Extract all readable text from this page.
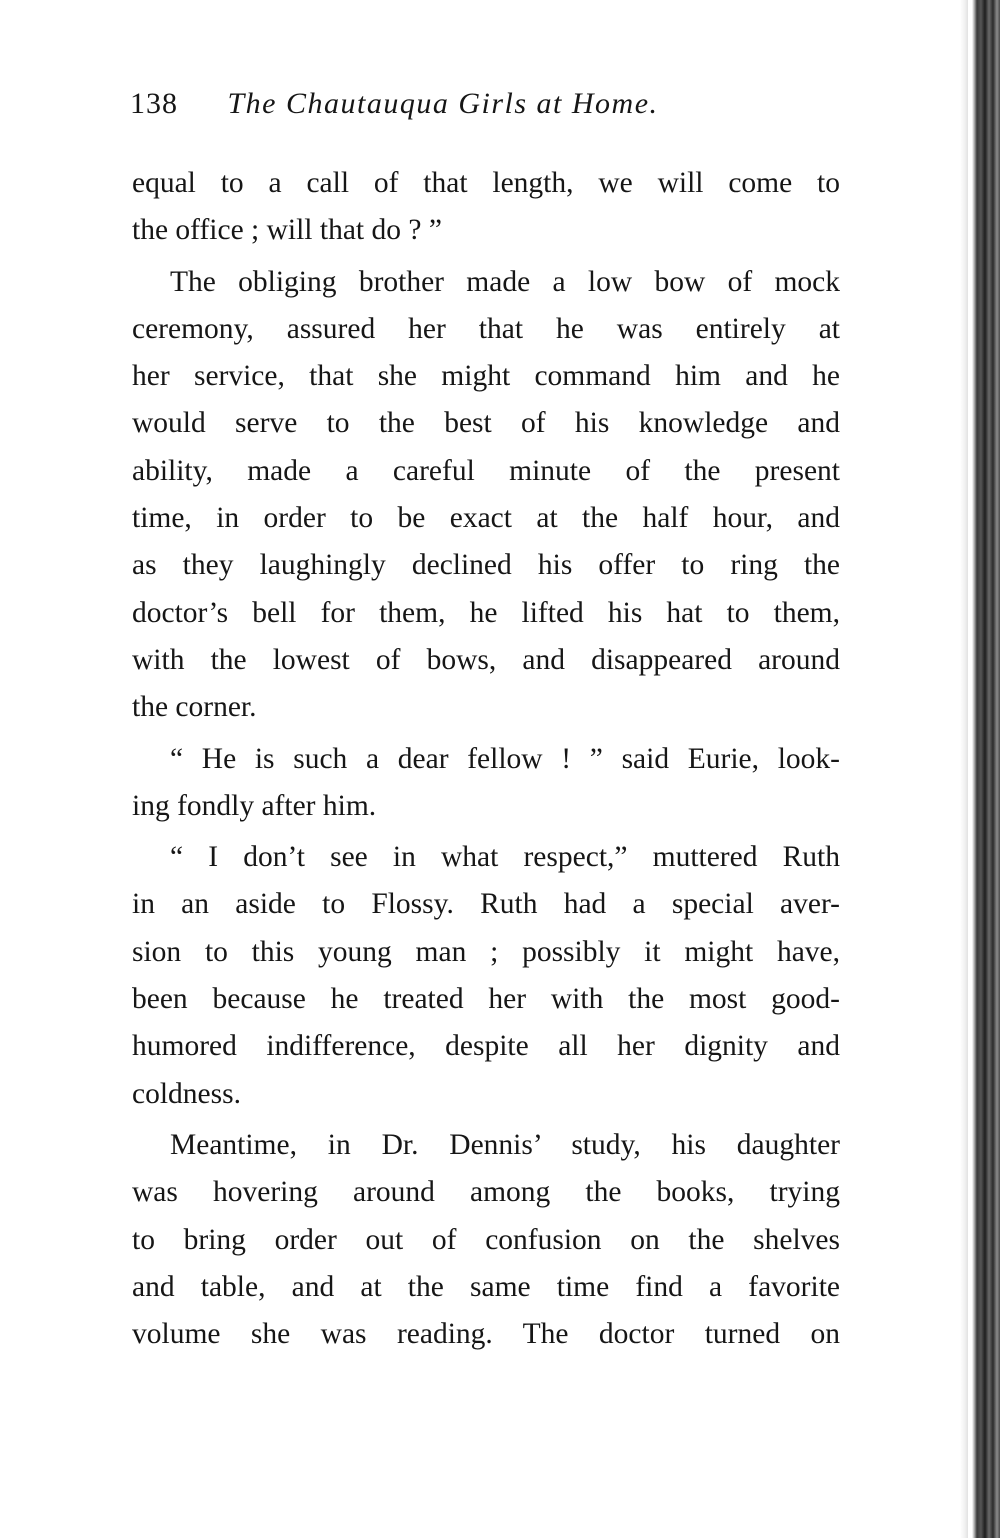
138 The Chautauqua Girls at Home.
equal to a call of that length, we will come to
the office ; will that do ? ”
The obliging brother made a low bow of mock
ceremony, assured her that he was entirely at
her service, that she might command him and he
would serve to the best of his knowledge and
ability, made a careful minute of the present
time, in order to be exact at the half hour, and
as they laughingly declined his offer to ring the
doctor’s bell for them, he lifted his hat to them,
with the lowest of bows, and disappeared around
the corner.
“ He is such a dear fellow ! ” said Eurie, look-
ing fondly after him.
“ I don’t see in what respect,” muttered Ruth
in an aside to Flossy. Ruth had a special aver-
sion to this young man ; possibly it might have,
been because he treated her with the most good-
humored indifference, despite all her dignity and
coldness.
Meantime, in Dr. Dennis’ study, his daughter
was hovering around among the books, trying
to bring order out of confusion on the shelves
and table, and at the same time find a favorite
volume she was reading. The doctor turned on
